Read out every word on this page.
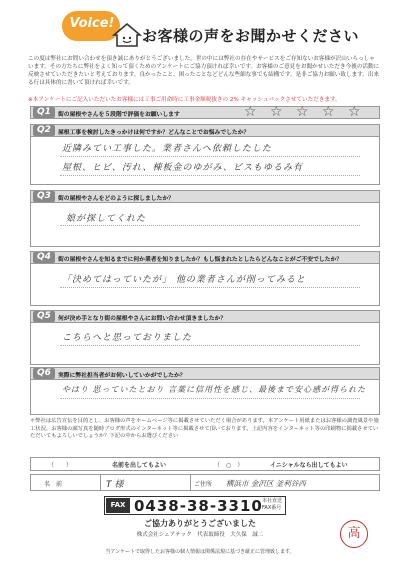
Voice!
お客様の声をお聞かせください
この度は弊社にお問い合わせを頂き誠にありがとうございました。世の中には弊社の存在やサービスをご存知ないお客様が沢山いらっしゃいます。その方たちに弊社をよく知って頂くためのアンケートにご協力頂ければ幸いです。お客様のご意見をお聞かせいただき今後の活動に反映させていただきたいと考えております。良かったこと、困ったことなどどんな些細な事でも結構です。是非ご協力お願い致します。出来る行は具体的に書いて頂ければ幸いです。
※本アンケートにご記入いただいたお客様には工事ご用命時に工事金額税抜きの 2% キャッシュバックさせていただきます。
Q1	街の屋根やさんを５段階で評価をお願いします	☆ ☆ ☆ ☆ ☆
Q2	屋根工事を検討したきっかけは何ですか？どんなことでお悩みでしたか？
近隣みてい工事した。業者さんへ依頼したした
屋根、ヒビ、汚れ、棟板金のゆがみ、ビスもゆるみ有
Q3	街の屋根やさんをどのように探しましたか？
娘が探してくれた
Q4	街の屋根やさんを知るまでに何か業者を知りましたか？もし悩まれたとしたらどんなことがご不安でしたか？
「決めてはっていたが」 他の業者さんが削ってみると
Q5	何が決め手となり街の屋根やさんにお問い合わせ頂きましたか？
こちらへと思っておりました
Q6	実際に弊社担当者がお伺いしていかがでしたか？
やはり 思っていたとおり 言葉に信用性を感じ、最後まで安心感が得られた
＊弊社は広告宣伝を目的とし、お客様の声をホームページ等に掲載させていただく場合があります。本アンケート用紙またはお客様の調査風景や施工状況、お客様の顔写真を随時ブログ形式のインターネット等に掲載させて頂いております。上記内容をインターネット等の印刷物に掲載させていただいてもよろしいでしょうか？下記の中からお選びください
（　　）	名前を出してもよい	（　○　）	イニシャルなら出してもよい
名　前	T 様	ご住所 横浜市 金沢区 釜利谷西
FAX 0438-38-3310 本社直送 FAX番号
ご協力ありがとうございました
株式会社シェアテック　代表取締役　大久保　誠二
当アンケートで取得したお客様の個人情報は関係法規に基づき厳正に管理致します。
高
